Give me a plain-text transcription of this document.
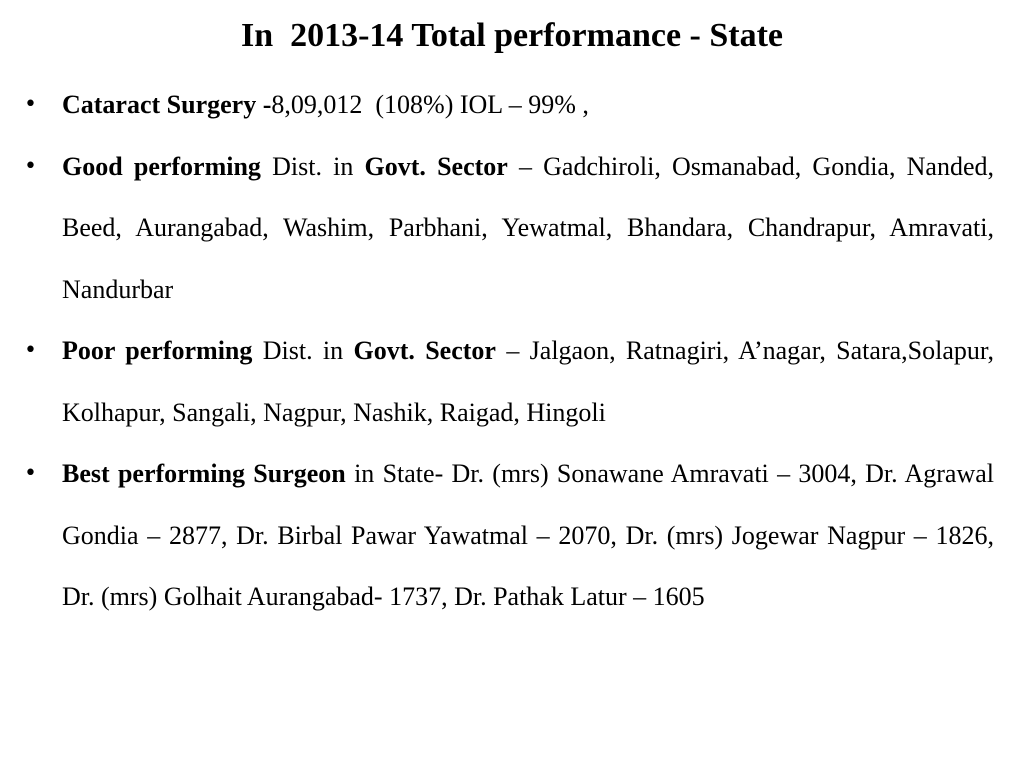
In  2013-14 Total performance - State
• Cataract Surgery -8,09,012  (108%) IOL – 99% ,
• Good performing Dist. in Govt. Sector – Gadchiroli, Osmanabad, Gondia, Nanded, Beed, Aurangabad, Washim, Parbhani, Yewatmal, Bhandara, Chandrapur, Amravati, Nandurbar
• Poor performing Dist. in Govt. Sector – Jalgaon, Ratnagiri, A’nagar, Satara,Solapur, Kolhapur, Sangali, Nagpur, Nashik, Raigad, Hingoli
• Best performing Surgeon in State- Dr. (mrs) Sonawane Amravati – 3004, Dr. Agrawal Gondia – 2877, Dr. Birbal Pawar Yawatmal – 2070, Dr. (mrs) Jogewar Nagpur – 1826, Dr. (mrs) Golhait Aurangabad- 1737, Dr. Pathak Latur – 1605
